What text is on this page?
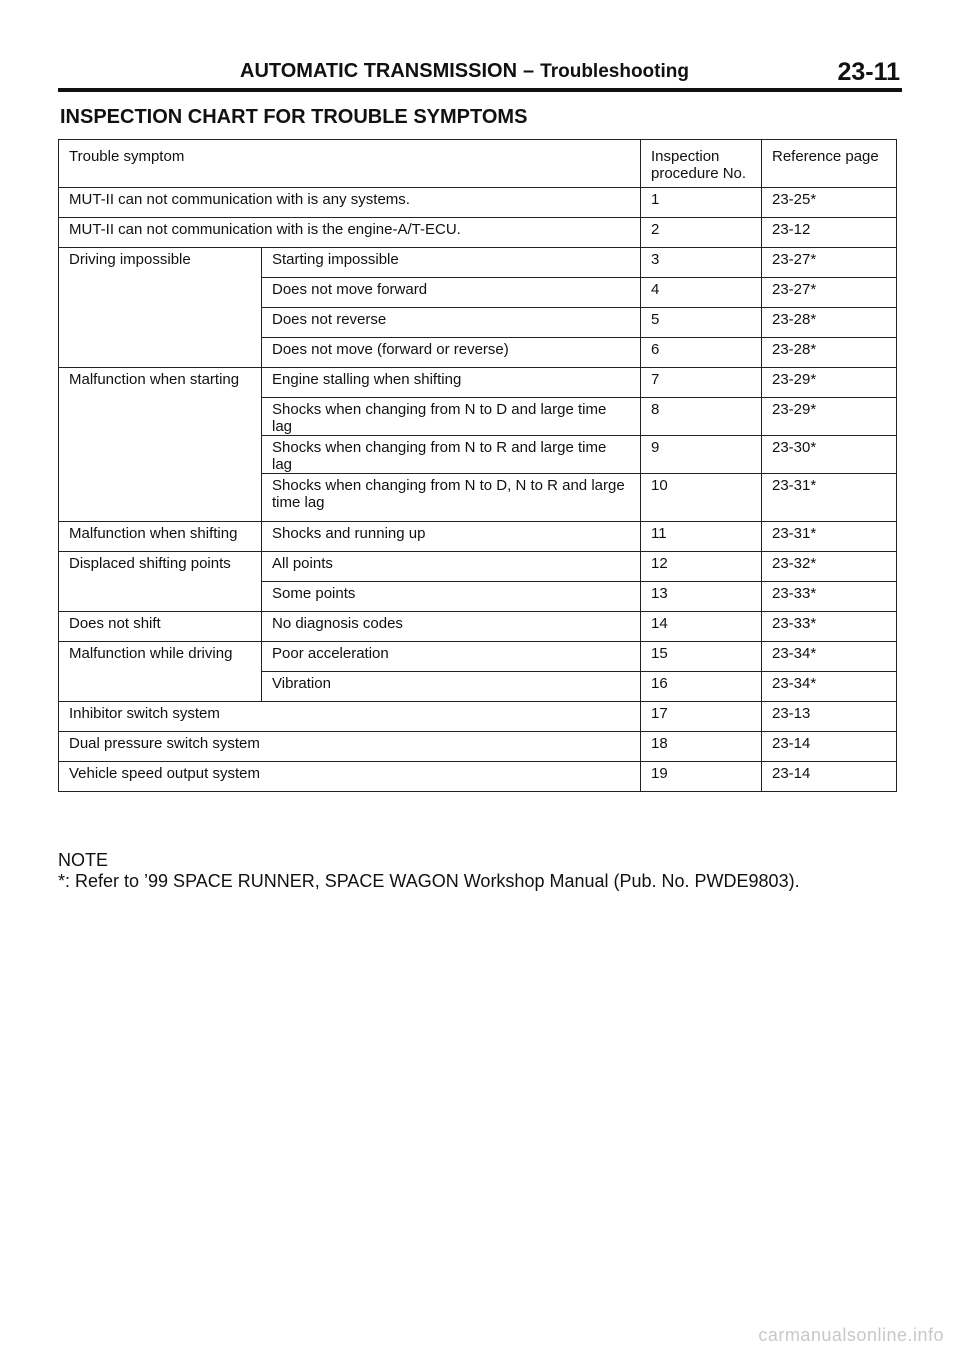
AUTOMATIC TRANSMISSION – Troubleshooting	23-11
INSPECTION CHART FOR TROUBLE SYMPTOMS
Trouble symptom		Inspection procedure No.	Reference page
MUT-II can not communication with is any systems.		1	23-25*
MUT-II can not communication with is the engine-A/T-ECU.		2	23-12
Driving impossible	Starting impossible	3	23-27*
	Does not move forward	4	23-27*
	Does not reverse	5	23-28*
	Does not move (forward or reverse)	6	23-28*
Malfunction when starting	Engine stalling when shifting	7	23-29*
	Shocks when changing from N to D and large time lag	8	23-29*
	Shocks when changing from N to R and large time lag	9	23-30*
	Shocks when changing from N to D, N to R and large time lag	10	23-31*
Malfunction when shifting	Shocks and running up	11	23-31*
Displaced shifting points	All points	12	23-32*
	Some points	13	23-33*
Does not shift	No diagnosis codes	14	23-33*
Malfunction while driving	Poor acceleration	15	23-34*
	Vibration	16	23-34*
Inhibitor switch system		17	23-13
Dual pressure switch system		18	23-14
Vehicle speed output system		19	23-14
NOTE
*: Refer to ’99 SPACE RUNNER, SPACE WAGON Workshop Manual (Pub. No. PWDE9803).
carmanualsonline.info
